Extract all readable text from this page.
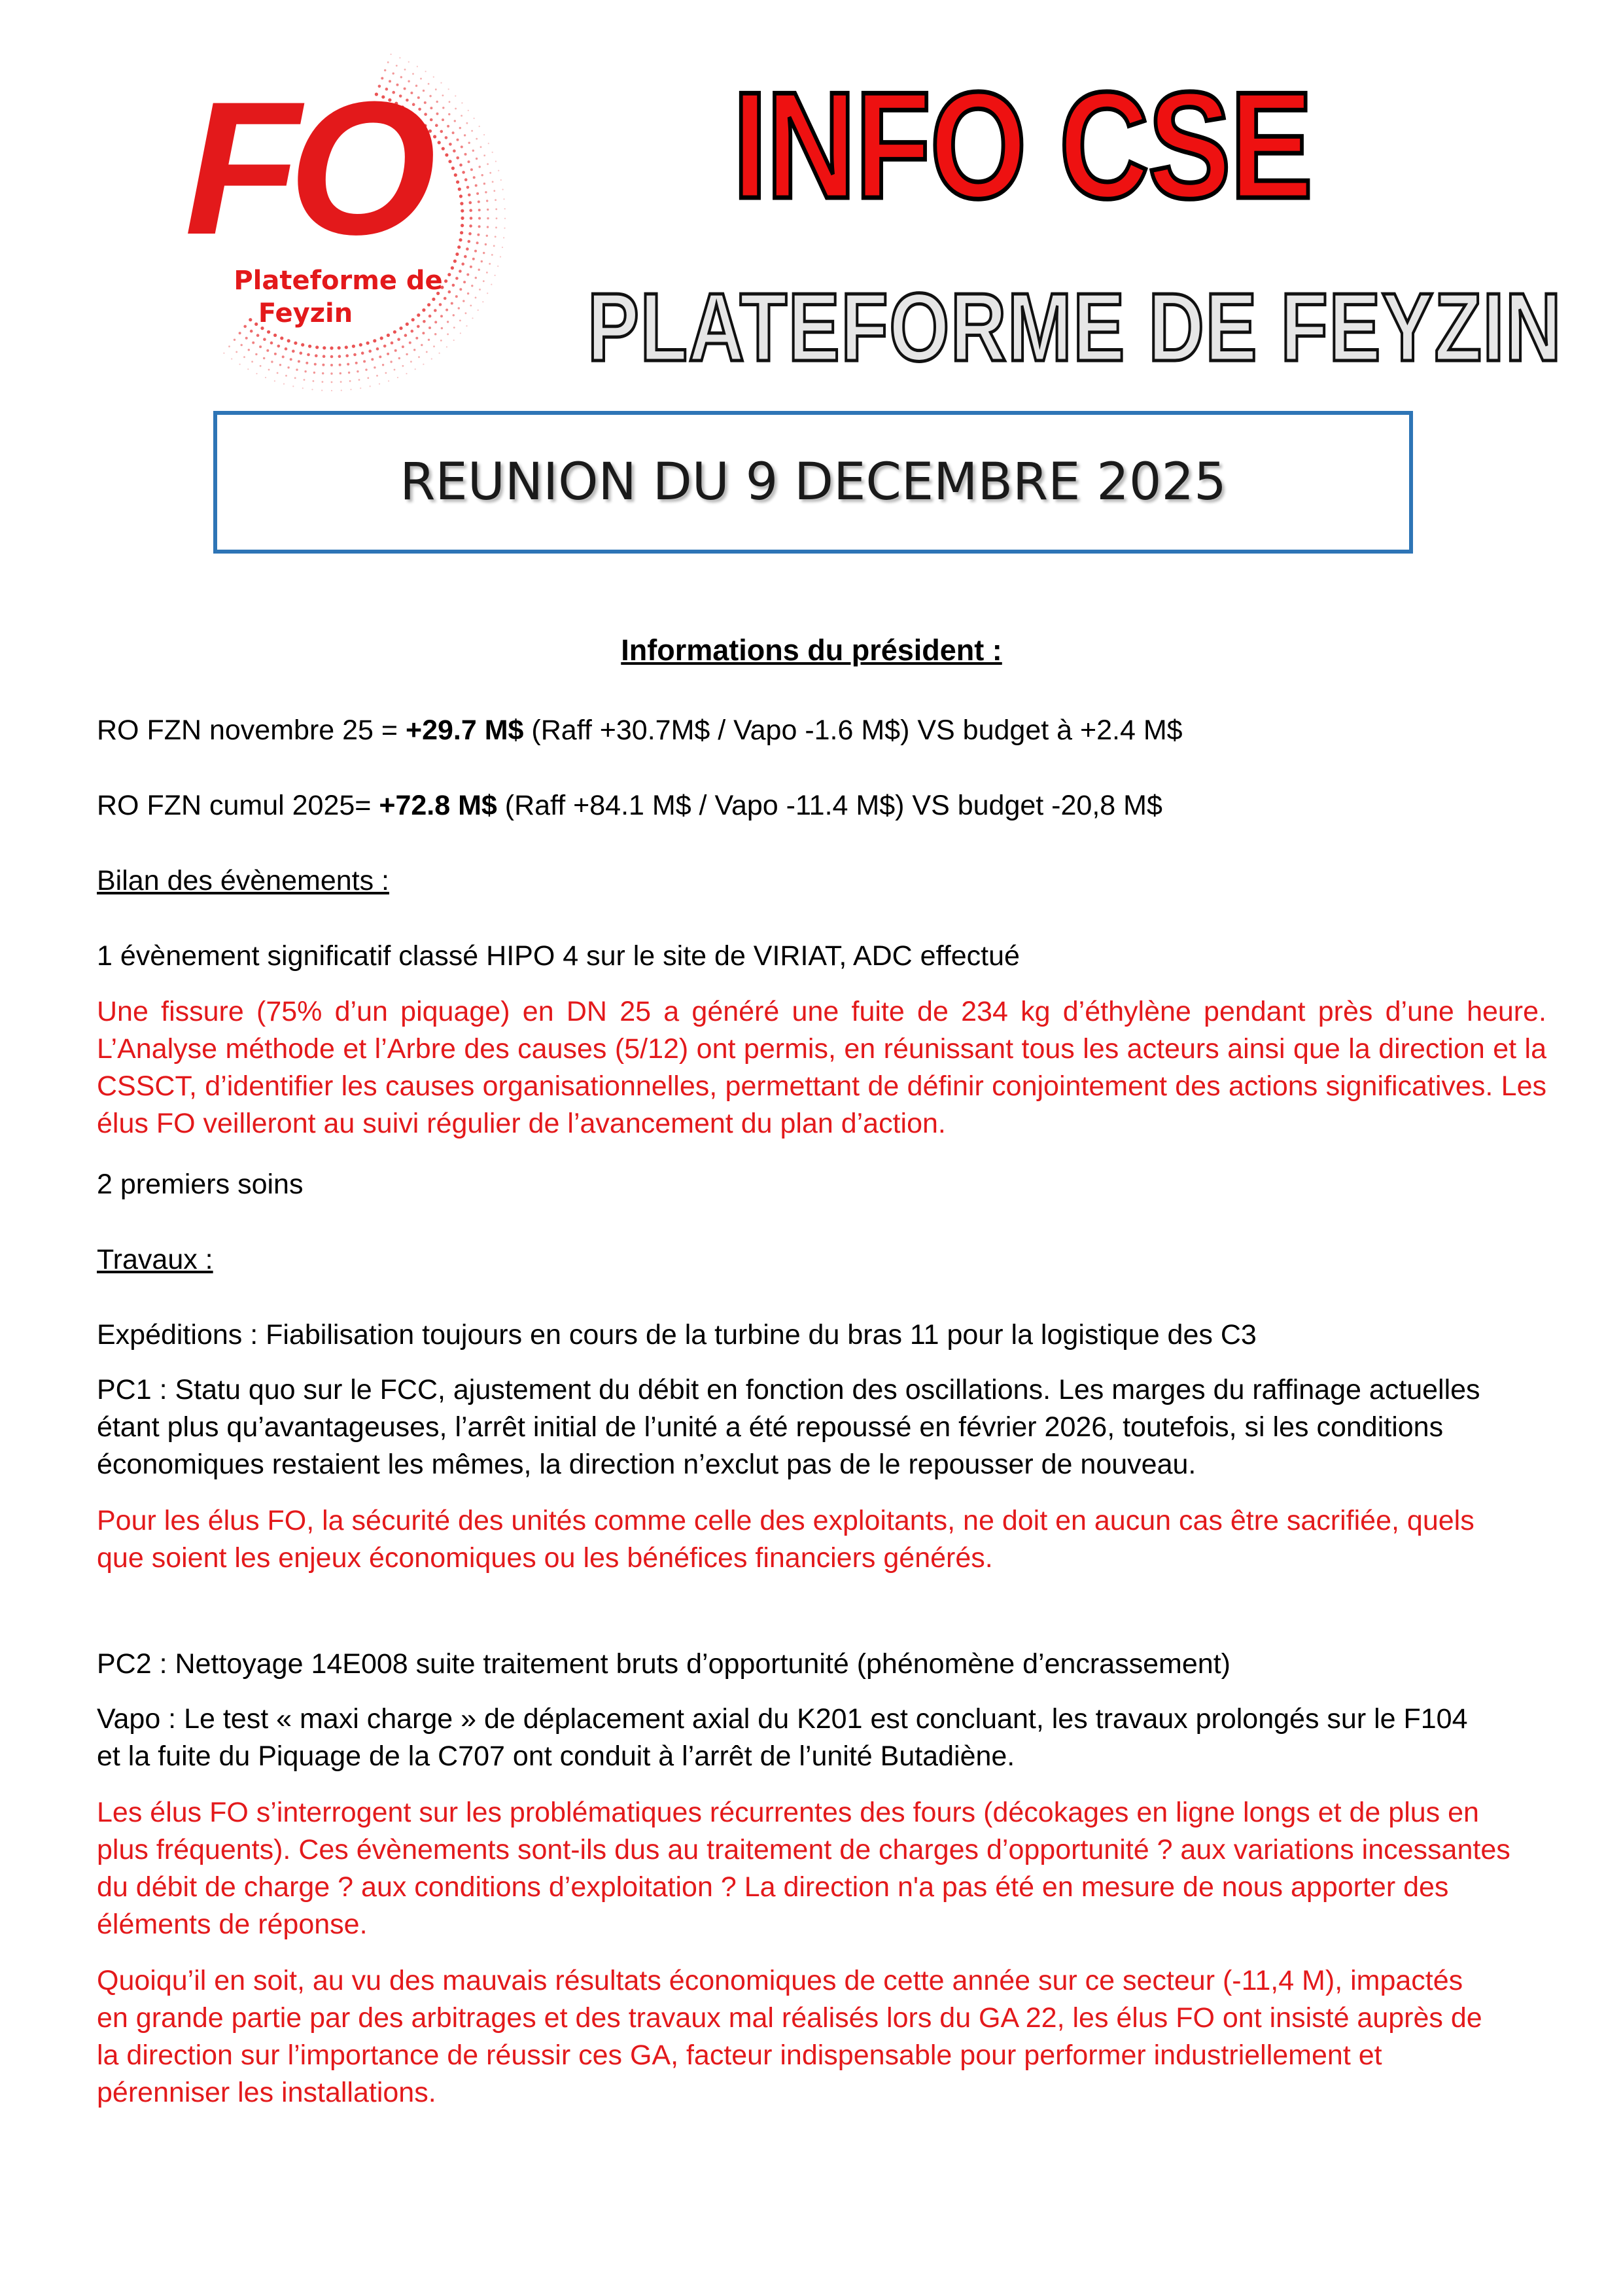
FO
Plateforme de
Feyzin
INFO CSE
PLATEFORME DE FEYZIN
REUNION DU 9 DECEMBRE 2025
Informations du président :

RO FZN novembre 25 = +29.7 M$ (Raff +30.7M$ / Vapo -1.6 M$) VS budget à +2.4 M$

RO FZN cumul 2025= +72.8 M$ (Raff +84.1 M$ / Vapo -11.4 M$) VS budget -20,8 M$

Bilan des évènements :

1 évènement significatif classé HIPO 4 sur le site de VIRIAT, ADC effectué

Une fissure (75% d’un piquage) en DN 25 a généré une fuite de 234 kg d’éthylène pendant près d’une heure. L’Analyse méthode et l’Arbre des causes (5/12) ont permis, en réunissant tous les acteurs ainsi que la direction et la CSSCT, d’identifier les causes organisationnelles, permettant de définir conjointement des actions significatives. Les élus FO veilleront au suivi régulier de l’avancement du plan d’action.

2 premiers soins

Travaux :

Expéditions : Fiabilisation toujours en cours de la turbine du bras 11 pour la logistique des C3

PC1 : Statu quo sur le FCC, ajustement du débit en fonction des oscillations. Les marges du raffinage actuelles étant plus qu’avantageuses, l’arrêt initial de l’unité a été repoussé en février 2026, toutefois, si les conditions économiques restaient les mêmes, la direction n’exclut pas de le repousser de nouveau.

Pour les élus FO, la sécurité des unités comme celle des exploitants, ne doit en aucun cas être sacrifiée, quels que soient les enjeux économiques ou les bénéfices financiers générés.

PC2 : Nettoyage 14E008 suite traitement bruts d’opportunité (phénomène d’encrassement)

Vapo : Le test « maxi charge » de déplacement axial du K201 est concluant, les travaux prolongés sur le F104 et la fuite du Piquage de la C707 ont conduit à l’arrêt de l’unité Butadiène.

Les élus FO s’interrogent sur les problématiques récurrentes des fours (décokages en ligne longs et de plus en plus fréquents). Ces évènements sont-ils dus au traitement de charges d’opportunité ? aux variations incessantes du débit de charge ? aux conditions d’exploitation ? La direction n'a pas été en mesure de nous apporter des éléments de réponse.

Quoiqu’il en soit, au vu des mauvais résultats économiques de cette année sur ce secteur (-11,4 M), impactés en grande partie par des arbitrages et des travaux mal réalisés lors du GA 22, les élus FO ont insisté auprès de la direction sur l’importance de réussir ces GA, facteur indispensable pour performer industriellement et pérenniser les installations.
